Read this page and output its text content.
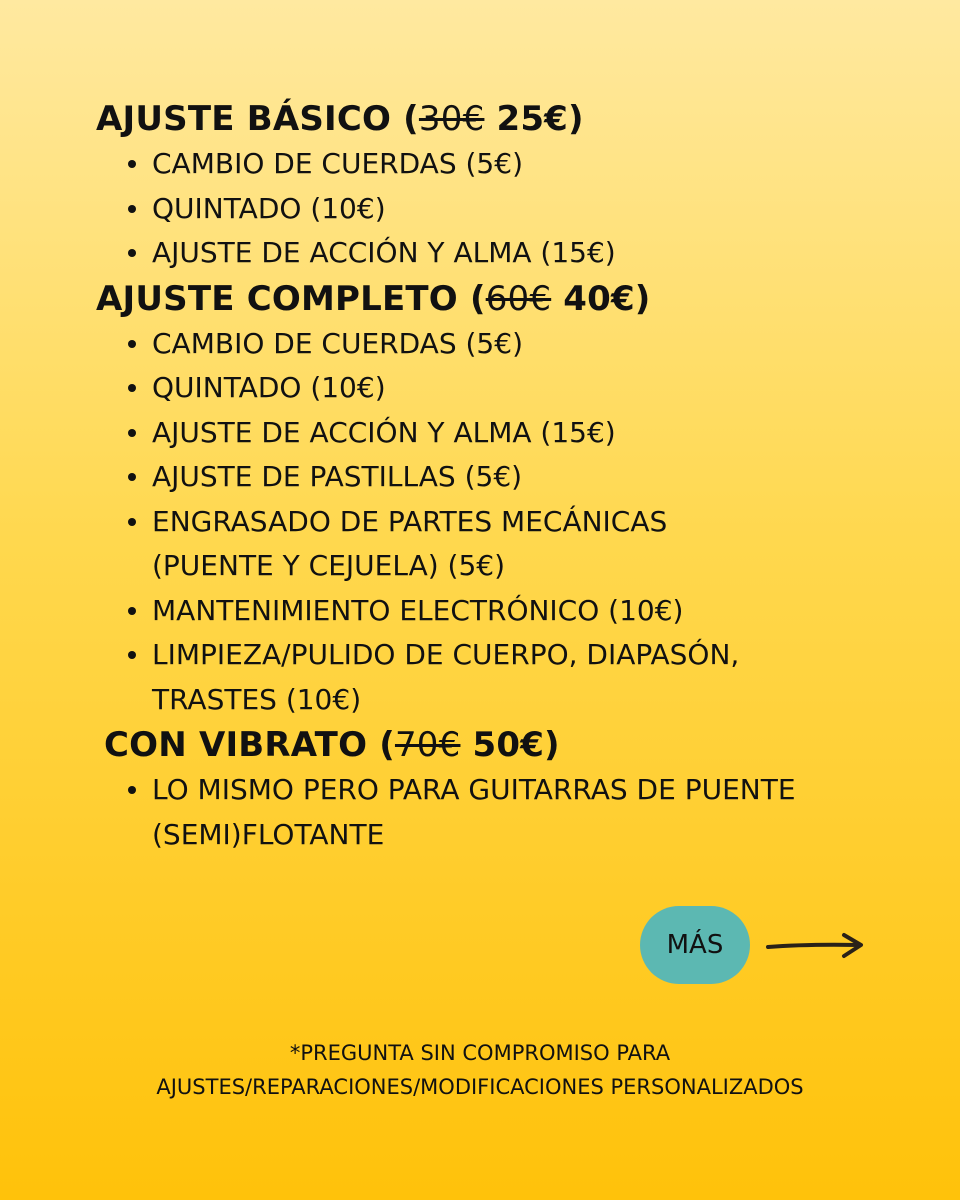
AJUSTE BÁSICO (30€ 25€)
CAMBIO DE CUERDAS (5€)
QUINTADO (10€)
AJUSTE DE ACCIÓN Y ALMA (15€)
AJUSTE COMPLETO (60€ 40€)
CAMBIO DE CUERDAS (5€)
QUINTADO (10€)
AJUSTE DE ACCIÓN Y ALMA (15€)
AJUSTE DE PASTILLAS (5€)
ENGRASADO DE PARTES MECÁNICAS
(PUENTE Y CEJUELA) (5€)
MANTENIMIENTO ELECTRÓNICO (10€)
LIMPIEZA/PULIDO DE CUERPO, DIAPASÓN,
TRASTES (10€)
CON VIBRATO (70€ 50€)
LO MISMO PERO PARA GUITARRAS DE PUENTE
(SEMI)FLOTANTE
MÁS
*PREGUNTA SIN COMPROMISO PARA
AJUSTES/REPARACIONES/MODIFICACIONES PERSONALIZADOS
